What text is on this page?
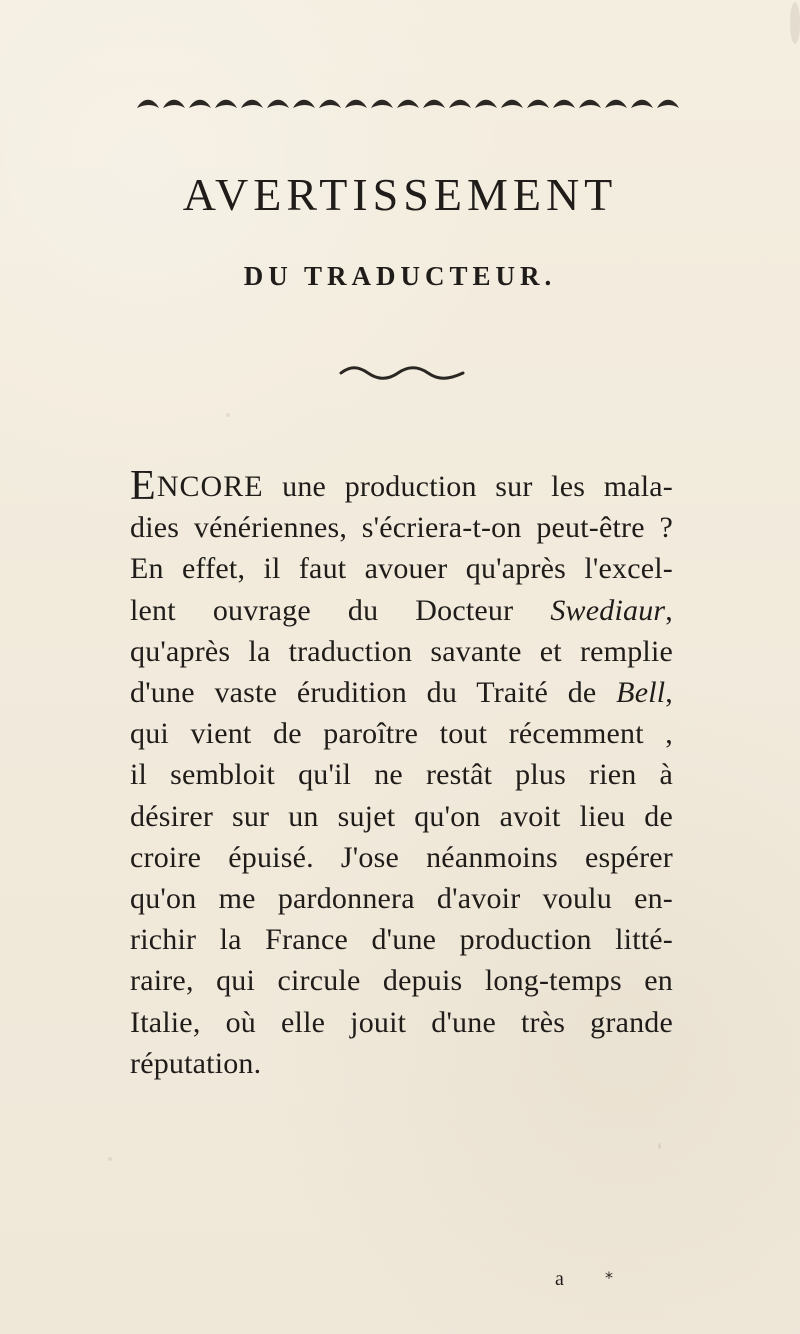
AVERTISSEMENT
DU TRADUCTEUR.

ENCORE une production sur les mala-
dies vénériennes, s'écriera-t-on peut-être ?
En effet, il faut avouer qu'après l'excel-
lent ouvrage du Docteur Swediaur,
qu'après la traduction savante et remplie
d'une vaste érudition du Traité de Bell,
qui vient de paroître tout récemment ,
il sembloit qu'il ne restât plus rien à
désirer sur un sujet qu'on avoit lieu de
croire épuisé. J'ose néanmoins espérer
qu'on me pardonnera d'avoir voulu en-
richir la France d'une production litté-
raire, qui circule depuis long-temps en
Italie, où elle jouit d'une très grande
réputation.

a	*
